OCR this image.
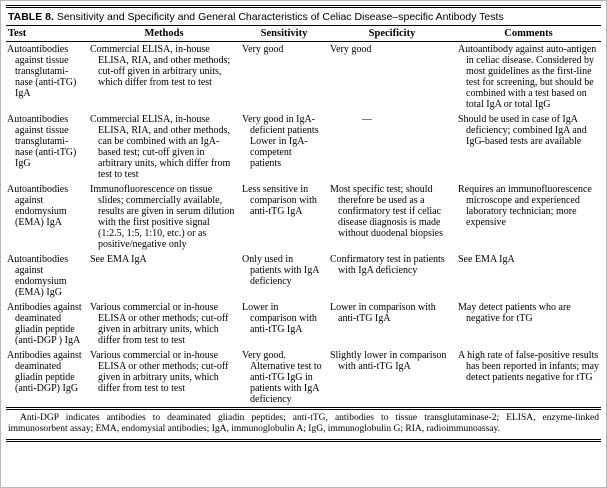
TABLE 8. Sensitivity and Specificity and General Characteristics of Celiac Disease–specific Antibody Tests
Test	Methods	Sensitivity	Specificity	Comments
Autoantibodies against tissue transglutami-nase (anti-tTG) IgA	Commercial ELISA, in-house ELISA, RIA, and other methods; cut-off given in arbitrary units, which differ from test to test	Very good	Very good	Autoantibody against auto-antigen in celiac disease. Considered by most guidelines as the first-line test for screening, but should be combined with a test based on total IgA or total IgG
Autoantibodies against tissue transglutami-nase (anti-tTG) IgG	Commercial ELISA, in-house ELISA, RIA, and other methods, can be combined with an IgA-based test; cut-off given in arbitrary units, which differ from test to test	Very good in IgA-deficient patients Lower in IgA-competent patients	—	Should be used in case of IgA deficiency; combined IgA and IgG-based tests are available
Autoantibodies against endomysium (EMA) IgA	Immunofluorescence on tissue slides; commercially available, results are given in serum dilution with the first positive signal (1:2.5, 1:5, 1:10, etc.) or as positive/negative only	Less sensitive in comparison with anti-tTG IgA	Most specific test; should therefore be used as a confirmatory test if celiac disease diagnosis is made without duodenal biopsies	Requires an immunofluorescence microscope and experienced laboratory technician; more expensive
Autoantibodies against endomysium (EMA) IgG	See EMA IgA	Only used in patients with IgA deficiency	Confirmatory test in patients with IgA deficiency	See EMA IgA
Antibodies against deaminated gliadin peptide (anti-DGP ) IgA	Various commercial or in-house ELISA or other methods; cut-off given in arbitrary units, which differ from test to test	Lower in comparison with anti-tTG IgA	Lower in comparison with anti-tTG IgA	May detect patients who are negative for tTG
Antibodies against deaminated gliadin peptide (anti-DGP) IgG	Various commercial or in-house ELISA or other methods; cut-off given in arbitrary units, which differ from test to test	Very good. Alternative test to anti-tTG IgG in patients with IgA deficiency	Slightly lower in comparison with anti-tTG IgA	A high rate of false-positive results has been reported in infants; may detect patients negative for tTG

Anti-DGP indicates antibodies to deaminated gliadin peptides; anti-tTG, antibodies to tissue transglutaminase-2; ELISA, enzyme-linked immunosorbent assay; EMA, endomysial antibodies; IgA, immunoglobulin A; IgG, immunoglobulin G; RIA, radioimmunoassay.
